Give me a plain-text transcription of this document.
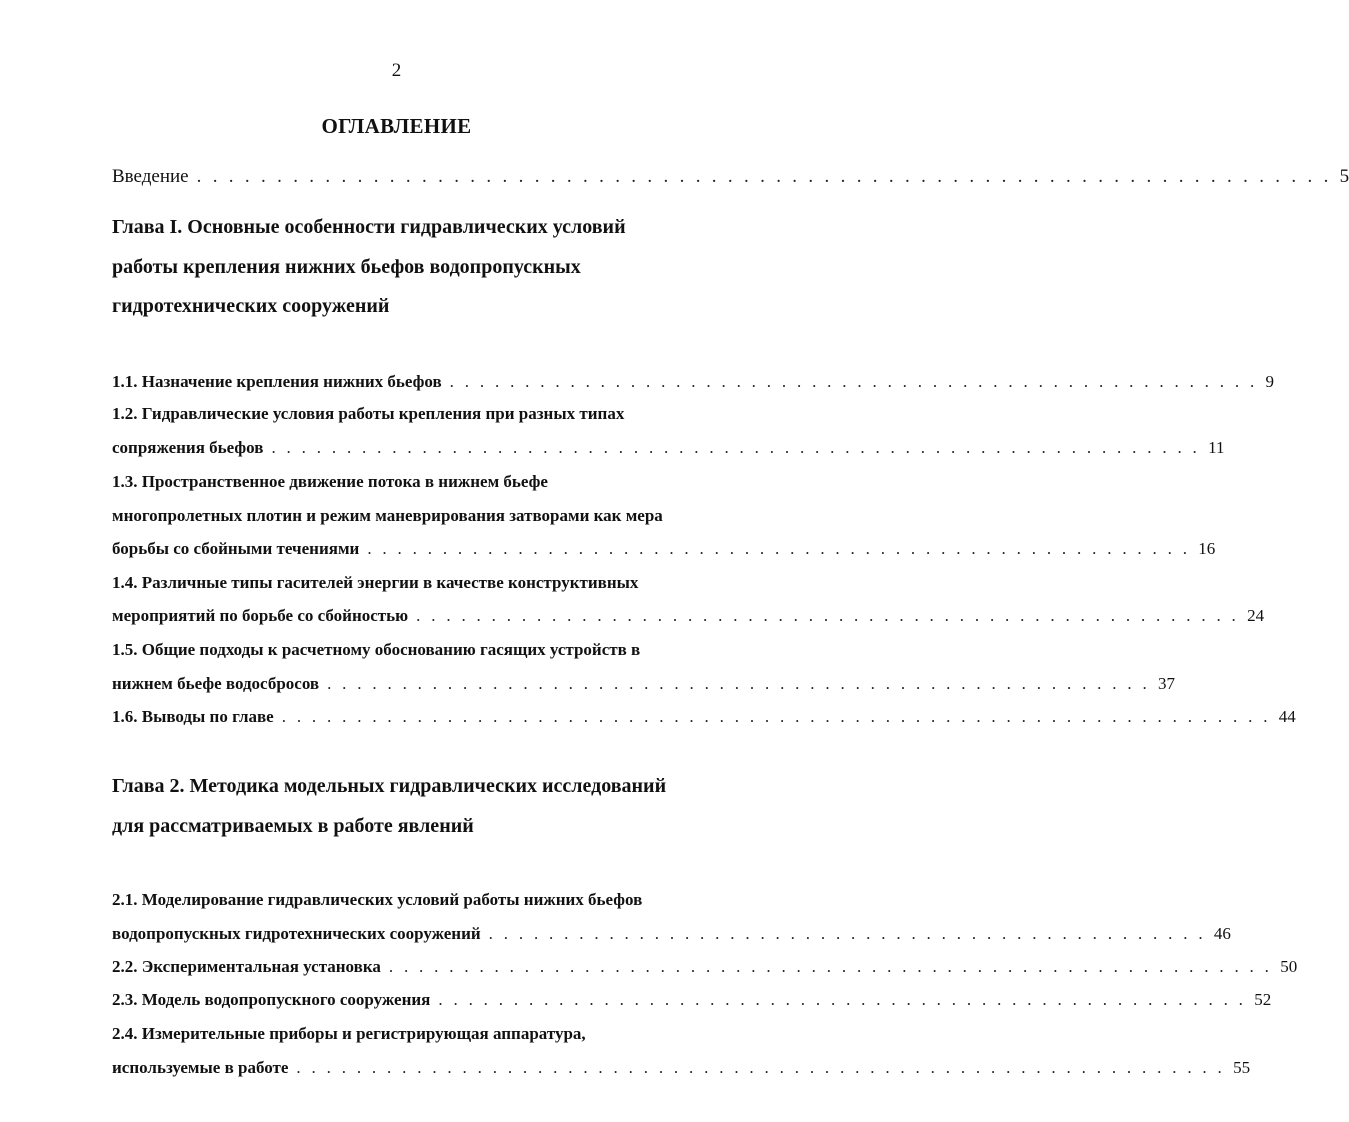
2
ОГЛАВЛЕНИЕ
Введение . . . . . . . . . . . . . . . . . . . . . . . . . . . . . . . . . . . . . . . . . . . . . . . . . . . . . . . . . . . . . . . . . . . . . . . 5
Глава I. Основные особенности гидравлических условий
работы крепления нижних бьефов водопропускных
гидротехнических сооружений
1.1. Назначение крепления нижних бьефов . . . . . . . . . . . . . . . . . . . . . . . . . . . . . . . . . . . . . . . . . . . . . . . . . . . . . . 9
1.2. Гидравлические условия работы крепления при разных типах
сопряжения бьефов . . . . . . . . . . . . . . . . . . . . . . . . . . . . . . . . . . . . . . . . . . . . . . . . . . . . . . . . . . . . . . 11
1.3. Пространственное движение потока в нижнем бьефе
многопролетных плотин и режим маневрирования затворами как мера
борьбы со сбойными течениями . . . . . . . . . . . . . . . . . . . . . . . . . . . . . . . . . . . . . . . . . . . . . . . . . . . . . . . 16
1.4. Различные типы гасителей энергии в качестве конструктивных
мероприятий по борьбе со сбойностью . . . . . . . . . . . . . . . . . . . . . . . . . . . . . . . . . . . . . . . . . . . . . . . . . . . . . . . 24
1.5. Общие подходы к расчетному обоснованию гасящих устройств в
нижнем бьефе водосбросов . . . . . . . . . . . . . . . . . . . . . . . . . . . . . . . . . . . . . . . . . . . . . . . . . . . . . . . 37
1.6. Выводы по главе . . . . . . . . . . . . . . . . . . . . . . . . . . . . . . . . . . . . . . . . . . . . . . . . . . . . . . . . . . . . . . . . . . 44
Глава 2. Методика модельных гидравлических исследований
для рассматриваемых в работе явлений
2.1. Моделирование гидравлических условий работы нижних бьефов
водопропускных гидротехнических сооружений . . . . . . . . . . . . . . . . . . . . . . . . . . . . . . . . . . . . . . . . . . . . . . . . 46
2.2. Экспериментальная установка . . . . . . . . . . . . . . . . . . . . . . . . . . . . . . . . . . . . . . . . . . . . . . . . . . . . . . . . . . . 50
2.3. Модель водопропускного сооружения . . . . . . . . . . . . . . . . . . . . . . . . . . . . . . . . . . . . . . . . . . . . . . . . . . . . . . 52
2.4. Измерительные приборы и регистрирующая аппаратура,
используемые в работе . . . . . . . . . . . . . . . . . . . . . . . . . . . . . . . . . . . . . . . . . . . . . . . . . . . . . . . . . . . . . . 55
